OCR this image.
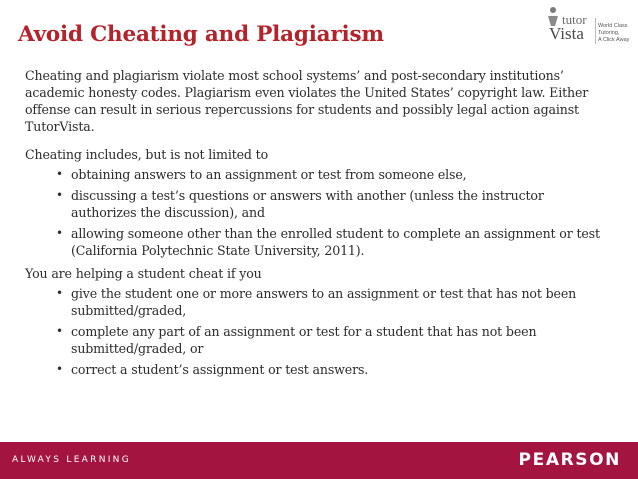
Avoid Cheating and Plagiarism
tutor
Vista	World Class Tutoring,
A Click Away

Cheating and plagiarism violate most school systems’ and post-secondary institutions’ academic honesty codes. Plagiarism even violates the United States’ copyright law. Either offense can result in serious repercussions for students and possibly legal action against TutorVista.

Cheating includes, but is not limited to

• obtaining answers to an assignment or test from someone else,
• discussing a test’s questions or answers with another (unless the instructor authorizes the discussion), and
• allowing someone other than the enrolled student to complete an assignment or test (California Polytechnic State University, 2011).

You are helping a student cheat if you

• give the student one or more answers to an assignment or test that has not been submitted/graded,
• complete any part of an assignment or test for a student that has not been submitted/graded, or
• correct a student’s assignment or test answers.
ALWAYS LEARNING	PEARSON
